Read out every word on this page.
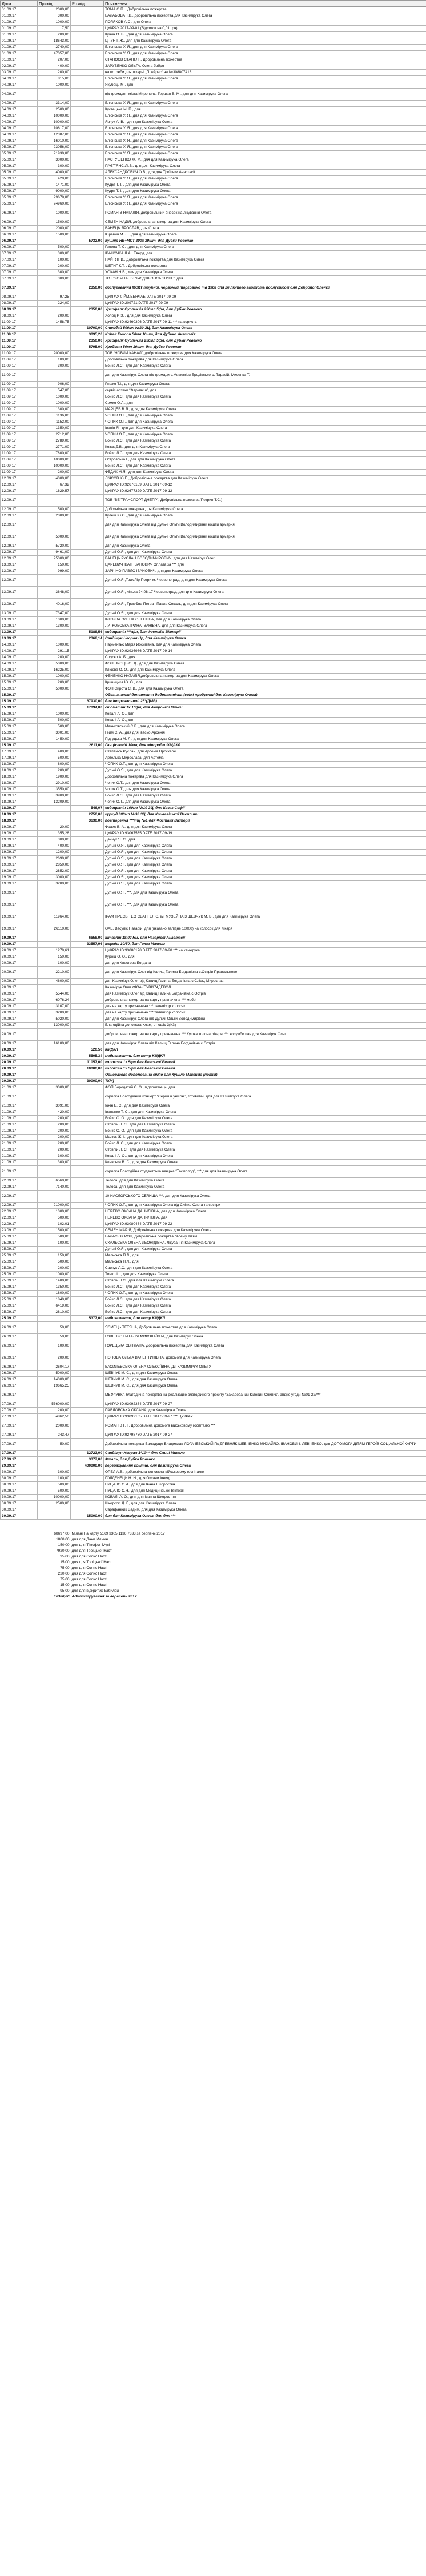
Дата	Прихід	Розхід	Пояснення
01.09.17	2000,00		ТОМА О.П. , Добровільна пожертва
01.09.17	300,00		БАЛАБОВА Т.В., добровільна пожертва для Казимірука Олега
01.09.17	1000,00		ПОЛЯКОВ А.С., для Олега
01.09.17	7,50		ЦУКРАУ 2017-09-01 (Вiдсоток на 0,01 грн)
01.09.17	200,00		Кучин О. В. , для для Казимірука Олега
01.09.17	18643,00		ЦПУН І. Ж., для для Казимірука Олега
01.09.17	2740,00		Бліонська У. Я., для для Казимірука Олега
01.09.17	47057,00		Бліонська У. Я., для для Казимірука Олега
01.09.17	207,00		СТАНОЄВ СТАНІ.ЛГ., Добровільна пожертва
02.09.17	400,00		ЗАРУБЕНКО ОЛЬГА, Олега бобро
03.09.17	200,00		на потреби для лікарні „Плейрис“ на №308807413
04.09.17	815,00		Бліонська У. Я., для для Казимірука Олега
04.09.17	1000,00		Якубець М., для
04.09.17			від громадян міста Мирополь, Гершан В. М., для для Казимірука Олега
04.09.17	3314,00		Бліонська У. Я., для для Казимірука Олега
04.09.17	2500,00		Кустецька М. П., для
04.09.17	10000,00		Бліонська У. Я., для для Казимірука Олега
04.09.17	10000,00		Ярчук А. В. , для для Казимірука Олега
04.09.17	10617,00		Бліонська У. Я., для для Казимірука Олега
04.09.17	12387,00		Бліонська У. Я., для для Казимірука Олега
04.09.17	16010,00		Бліонська У. Я., для для Казимірука Олега
05.09.17	23056,00		Бліонська У. Я., для для Казимірука Олега
05.09.17	21930,00		Бліонська У. Я., для для Казимірука Олега
05.09.17	3000,00		ПАСТУШЕНКО Ж. М., для для Казимірука Олега
05.09.17	300,00		ПАЄТ'ЯНС.ЛІ.В., для для Казимірука Олега
05.09.17	4000,00		АЛЕКСАНДРОВИЧ О.В., для для Троїцьки Анастасії
05.09.17	420,00		Бліонська У. Я., для для Казимірука Олега
05.09.17	1471,00		Кудря Т. І. , для для Казимірука Олега
05.09.17	9000,00		Кудря Т. І. , для для Казимірука Олега
05.09.17	29678,00		Бліонська У. Я., для для Казимірука Олега
05.09.17	24960,00		Бліонська У. Я., для для Казимірука Олега
06.09.17	1000,00		РОМАНІВ НАТАЛІЯ, добровільний внесок на лікування Олега
06.09.17	1500,00		СЕМЕН НАДІЯ, добровільна пожертва для Казимірука Олега
06.09.17	2000,00		ВАНЕЦЬ ЯРОСЛАВ, для Олега
06.09.17	1500,00		Юревич М. Л. , для для Казимірука Олега
06.09.17		5732,00	Кушнір НВ+МСТ 300х 30шт, для Дубки Ровенко
06.09.17	500,00		Голова Т. С. , для для Казимірука Олега
07.09.17	300,00		ІВАНОЧКА Л.А., Еверд, для
07.09.17	100,00		ПАЙТЯГ В., Добровільна пожертва для Казимірука Олега
07.09.17	200,00		ШЕТИГ К.Т. , Добровільна пожертва
07.09.17	300,00		ХОКАН Н.В., для для Казимірука Олега
07.09.17	300,00		ТОТ “КОМПАНІЯ “БРІДЖКОНСАЛТИНГ”, для
07.09.17		2350,00	обслуговання MСКТ трубної, червоний торговано тв 1968 для 26 лютого вартість послуги/сом для Добропої Оленки
08.09.17	97,25		ЦУКРАУ 0-ЙМ/ЕЕНЧАЕ DATE 2017-09-09
08.09.17	224,00		ЦУКРАУ ID:209721 DATE 2017-09-09
08.09.17		2350,00	Урсофалк Суспензія 250мл 5фл, для Дубки Ровенко
08.09.17	200,00		Холод Р. З. , для для Казимірука Олега
11.09.17	1458,75		ЦУКРАУ ID:92460306 DATE 2017-09-11 *** на користь
11.09.17		10700,00	Стейбай 500мл №20 ЗЦ, для Казимірука Олега
11.09.17		3095,20	Kobalt Exkonu 50мл 10шт, для Дубико Анатолія
11.09.17		2350,00	Урсофалк Суспензія 250мл 5фл, для Дубки Ровенко
11.09.17		5795,00	Уробест 50мл 10шт, для Дубки Ровенко
11.09.17	20000,00		ТОВ “НОВИЙ КАНАЛ”, добровільна пожертва для Казимірука Олега
11.09.17	100,00		Добровільна пожертва для Казимірука Олега
11.09.17	300,00		Бойко Л.С., для для Казимірука Олега
11.09.17			для для Казимірук Олега від громади с.Мимеміри Бродівського, Тарасій, Мисенка Т.
11.09.17	906,00		Ряшко Т.І., для для Казимірука Олега
11.09.17	547,00		сервіс аптеки “Фармасія”, для
11.09.17	1000,00		Бойко Л.С., для для Казимірука Олега
11.09.17	1000,00		Семко О.Л., для
11.09.17	1300,00		МАРЦЕВ В.Я., для для Казимірука Олега
11.09.17	1136,00		ЧОПИК О.Т., для для Казимірука Олега
11.09.17	1152,00		ЧОПИК О.Т., для для Казимірука Олега
11.09.17	1350,00		Іванів Я., для для Казимірука Олега
11.09.17	2712,00		ЧОПИК О.Т., для для Казимірука Олега
11.09.17	2789,00		Бойко Л.С., для для Казимірука Олега
11.09.17	2771,00		Козак Д.В., для для Казимірука Олега
11.09.17	7800,00		Бойко Л.С., для для Казимірука Олега
11.09.17	10000,00		Островська І., для для Казимірука Олега
11.09.17	10000,00		Бойко Л.С., для для Казимірука Олега
11.09.17	200,00		ФЕДАК М.Я., для для Казимірука Олега
12.09.17	4000,00		ЛІЧСОВ Ю.П., Добровільна пожертва для Казимірука Олега
12.09.17	67,32		ЦУКРАУ ID:92676159 DATE 2017-09-12
12.09.17	1629,57		ЦУКРАУ ID:92677329 DATE 2017-09-12
12.09.17			ТОВ “ВЕ ТРАНСПОРТ ДНЕПР”, Добровільна пожертва(Петрин Т.С.)
12.09.17	500,00		Добровільна пожертва для Казимірука Олега
12.09.17	2000,00		Кулеш Ю.С., для для Казимірука Олега
12.09.17			для для Казимірука Олега від Дульчі Ольги Володимирівни кошти армарня
12.09.17	5000,00		для для Казимірука Олега від Дульчі Ольги Володимирівни кошти армарня
12.09.17	5720,00		для для Казимірука Олега
12.09.17	9461,00		Дульчі О.Я., для для Казимірука Олега
12.09.17	25000,00		ВАНЕЦЬ РУСЛАН ВОЛОДИМИРОВИЧ, для для Казимірук Олег
13.09.17	150,00		ЦАРЕВИЧ ІВАН ІВАНОВИЧ Оплата за *** для
13.09.17	999,00		ЗАРІЧНО ПАВЛО ІВАНОВИЧ, для для Казимірука Олега
13.09.17			Дульчі О.Я.,ТримЛір Потри м. Червоноград, для для Казимірука Олега
13.09.17	3648,00		Дульчі О.Я., лінька 24.08.17 Червоноград, для для Казимірука Олега
13.09.17	4016,00		Дульчі О.Я., ТримЄва Петра і Павла Сокаль, для для Казимірука Олега
13.09.17	7347,00		Дульчі О.Я., для для Казимірука Олега
13.09.17	1000,00		КЛЮКВА ОЛЕНА ОЛЕГІВНА, для для Казимірука Олега
13.09.17	1300,00		ЛУТКОВСЬКА ІРИНА ІВАНІВНА, для для Казимірука Олега
13.09.17		5188,56	ендоцеклін ***/фл, для Фостаїгі Вікторії
13.09.17		2368,14	Сандімун Неорал Нр, для Казимірука Олега
14.09.17	1000,00		Парментьє Марія Иосипівна, для для Казимірука Олега
14.09.17	291,15		ЦУКРАУ ID:92936986 DATE 2017-09-14
14.09.17	200,00		Сітуско А. Б., для
14.09.17	5000,00		ФОП ПРОЦЬ О. Д., для для Казимірука Олега
14.09.17	16225,00		Клюєва О. О., для для Казимірука Олега
15.09.17	1000,00		ФЕНЕНКО НАТАЛІЯ,добровільна пожертва для Казимірука Олега
15.09.17	200,00		Кривицька Ю. О., для
15.09.17	5000,00		ФОП Сирота С. В., для для Казимірука Олега
15.09.17			Обозначання/ доповнення добротетічна (свіжі продукти/ для Казимірука Олега)
15.09.17		67930,00	для інтранальний 25*(ДМВ)
15.09.17		17094,00	стоматин 1x 10фл, для Аверської Ольги
15.09.17	1000,00		Ковалі А. О., для
15.09.17	500,00		Ковалі А. О., для
15.09.17	500,00		Маньковський С.В., для для Казимірука Олега
15.09.17	3001,00		Гейм С. А., для для Івасьо Арсенія
15.09.17	1450,00		Підгуцька М. Л., для для Казимірука Олега
15.09.17		2611,00	Ганцікловій 10мл, для жінородки/КМДКЛ
17.09.17	400,00		Степанюк Руслан, для Арсенія Проскерні
17.09.17	500,00		Артелька Мирослава, для Артема
18.09.17	800,00		ЧОПИК О.Т., для для Казимірука Олега
18.09.17	200,00		Дульчі О.Я., для для Казимірука Олега
18.09.17	1900,00		Добровільна пожертва для Казимірука Олега
18.09.17	2910,00		Чопик О.Т., для для Казимірука Олега
18.09.17	3550,00		Чопик О.Т., для для Казимірука Олега
18.09.17	3900,00		Бойко Л.С., для для Казимірука Олега
18.09.17	13209,00		Чопик О.Т., для для Казимірука Олега
18.09.17		546,07	ендоцеклін 100мг №10 ЗЦ, для Козак Софії
18.09.17		2750,00	куркуд 300мл №30 ЗЦ, для Кривавіської Василини
18.09.17		3630,00	повторення ***ітц №1 для Фостаїгі Вікторії
19.09.17	20,00		Фраис В. А., для для Казимірука Олега
19.09.17	355,28		ЦУКРАУ ID:93067535 DATE 2017-09-19
19.09.17	300,00		Данчук Я. С., для
19.09.17	400,00		Дульчі О.Я., для для Казимірука Олега
19.09.17	1200,00		Дульчі О.Я., для для Казимірука Олега
19.09.17	2690,00		Дульчі О.Я., для для Казимірука Олега
19.09.17	2850,00		Дульчі О.Я., для для Казимірука Олега
19.09.17	2852,00		Дульчі О.Я., для для Казимірука Олега
19.09.17	3000,00		Дульчі О.Я., для для Казимірука Олега
19.09.17	3200,00		Дульчі О.Я., для для Казимірука Олега
19.09.17			Дульчі О.Я., ***, для для Казимірука Олега
19.09.17			Дульчі О.Я., ***, для для Казимірука Олега
19.09.17	11964,00		ІРАМ ПРЕСВІТЕО ЄВАНГЕЛІЄ, ім. МУЗЕЙНА 3 ШЕВЧУК М. В., для для Казимірука Олега
19.09.17	26110,00		ОАЕ, Васуліс Назарій, для (вказано валідне 10000) на колосок для лікаря
19.09.17		6658,00	Інтаглін 18,02 Нм, для Назарівої Анастасії
19.09.17		33557,96	Ікерміш 10/50, для Гохаз Максим
20.09.17	1279,61		ЦУКРАУ ID:93080178 DATE 2017-09-20 *** на камерука
20.09.17	150,00		Курош О. О., для
20.09.17	100,00		для для Клестова Богдана
20.09.17	2210,00		для для Казимірук Олег від Калищ Галина Богданівна с.Острів Правильнове
20.09.17	4600,00		для Казимірук Олег від Калищ Галина Богданівна с.Сліць, Мирослав
20.09.17			Казимірук Олег ФІОАКЕУВІ174ДЕВОЛ
20.09.17	5544,00		для Казимірук Олег від Калищ Галина Богданівна с.Острів
20.09.17	6076,24		добровільна пожертва на карту призначена *** мебрі
20.09.17	3107,00		для на карту призначена *** телевізор колоськ
20.09.17	3200,00		для на карту призначена *** телевізор колоськ
20.09.17	5020,00		для для Казимірук Олега від Дульчі Ольги Володимирівни
20.09.17	13000,00		Благодійна допомога Клам, от офіс 3(КЗ)
20.09.17			добровільна пожертва на карту призначена *** Кушка колона лікарні *** колумбо пан для Казимірук Олег
20.09.17	16100,00		для для Казимірук Олега від Калищ Галина Богданівна с.Острів
20.09.17		520,50	КМДКЛ
20.09.17		5505,34	медикаменти, для потр КМДКЛ
20.09.17		11057,00	колоксан 1х 5фл для Бевської Евгенії
20.09.17		10000,00	колоксан 1x 5фл для Бевської Евгенії
20.09.17			Одноразова допомога на сім'ю для Кушіло Максима (потім)
20.09.17		30000,00	ТКМ)
21.09.17	3000,00		ФОП Бородатий С. О., підприємець, для
21.09.17			сорилка Благодійний концерт “Серця в унісоні”, готовими, для для Казимірука Олега
21.09.17	3091,00		Іонін Б. С., для для Казимірука Олега
21.09.17	420,00		Іваненко Т. С., для для Казимірука Олега
21.09.17	200,00		Бойко О. О., для для Казимірука Олега
21.09.17	200,00		Стовпій Л. С., для для Казимірука Олега
21.09.17	200,00		Бойко О. О., для для Казимірука Олега
21.09.17	200,00		Малюк Ж. І., для для Казимірука Олега
21.09.17	200,00		Бойко Л. С., для для Казимірука Олега
21.09.17	200,00		Стовпій Л. С., для для Казимірука Олега
21.09.17	300,00		Ковалі А. О., для для Казимірука Олега
21.09.17	300,00		Клевська В. С., для для Казимірука Олега
21.09.17			сорилка Благодійна студентська вечірка “Тасмолод”, *** для для Казимірука Олега
22.09.17	6560,00		Телоса, для для Казимірука Олега
22.09.17	7140,00		Телоса, для для Казимірука Олега
22.09.17			10 НАСЛОРСЬКОГО СЕЛИЩА ***, для для Казимірука Олега
22.09.17	21000,00		ЧОПИК О.Т., для для Казимірука Олега від Сліпко Олега та сестри
22.09.17	1000,00		НЕРЕВС ОКСАНА ДАНИЛІВНА, для для Казимірука Олега
22.09.17	500,00		НЕРЕВС ОКСАНА ДАНИЛІВНА, для
22.09.17	102,01		ЦУКРАУ ID:93080464 DATE 2017-09-22
23.09.17	1500,00		СЕМЕН МАРІЯ, Добровільна пожертва для Казимірука Олега
25.09.17	500,00		БАЛАСЮК РОП, Добровільна пожертва своєму дітям
25.09.17	100,00		СКАЛЬСЬКА ОЛЕНА ЛЕОНІДІВНА, Лікування Казимірука Олега
25.09.17			Дульчі О.Я., для для Казимірука Олега
25.09.17	150,00		Мальська П.Л., для
25.09.17	500,00		Мальська П.Л., для
25.09.17	200,00		Савчук Л.С., для для Казимірука Олега
25.09.17	1000,00		Тимко І.І., для для Казимірука Олега
25.09.17	1400,00		Стовпій Л.С., для для Казимірука Олега
25.09.17	1350,00		Бойко Л.С., для для Казимірука Олега
25.09.17	1800,00		ЧОПИК О.Т., для для Казимірука Олега
25.09.17	1840,00		Бойко Л.С., для для Казимірука Олега
25.09.17	6419,00		Бойко Л.С., для для Казимірука Олега
25.09.17	2810,00		Бойко Л.С., для для Казимірука Олега
25.09.17		5377,00	медикаменти, для потр КМДКЛ
26.09.17	50,00		ЯЄМЕЦЬ ТЕТЯНА, Добровільна пожертва для Казимірука Олега
26.09.17	50,00		ГОВЕНКО НАТАЛІЯ МИКОЛАЇВНА, для Казимірук Олена
26.09.17	100,00		ГОРЕЦЬКА СВІТЛАНА, Добровільна пожертва для Казимірука Олега
26.09.17	200,00		ПОПОВА ОЛЬГА ВАЛЕНТИНІВНА, допомога для Казимірука Олега
26.09.17	2604,17		ВАСИЛЕВСЬКА ОЛЕНА ОЛЕКСІЇВНА, ДЛ КАЗИМІРУК ОЛЕГУ
26.09.17	5000,00		ШЕВЧУК М. С., для для Казимірука Олега
26.09.17	14000,00		ШЕВЧУК М. С., для для Казимірука Олега
26.09.17	19665,25		ШЕВЧУК М. С., для для Казимірука Олега
26.09.17			МБФ “УВК”, благодійна пожертва на реалізацію благодійного проєкту “Захарований Кіловин Слипик”, згідно угоди №01-22/***
27.09.17	536000,00		ЦУКРАУ ID:93092364 DATE 2017-09-27
27.09.17	200,00		ПАВЛОВСЬКА ОКСАНА, для Казимірука Олега
27.09.17	4862,50		ЦУКРАУ ID:93092165 DATE 2017-09-27 *** ЦУКРАУ
27.09.17	2000,00		РОМАНІВ Г. І., Добровільна допомога військовому госпіталю ***
27.09.17	243,47		ЦУКРАУ ID:92798730 DATE 2017-09-27
27.09.17	50,00		Добровільна пожертва Баладуще Владислав ЛОГАЧЕВСЬКИЙ Пк ДРЕВНЯК ШЕВЧЕНКО МИХАЙЛО, ІВАНОВИЧ, ЛЕВЧЕНКО, для ДОПОМОГА ДІТЯМ ГЕРОЇВ СОЦІАЛЬНОЇ КАРТИ
27.09.17		12723,00	Сандімун Неорал 1*10*** для Слиці Миколи
27.09.17		3377,00	Фталь, для Дубка Ровенко
29.09.17		400000,00	перерахування коштів, для Казимірука Олега
30.09.17	300,00		ОРЕЛ А.В., добровільна допомога військовому госпіталю
30.09.17	100,00		ГОЛДЕНЕЦЬ Н. Н., для Оксани Івниці
30.09.17	500,00		ПУЦАЛО С.Я., для для Івана Шкоростян
30.09.17	500,00		ПУЦАЛО С.Я., для для Медицинської Вікторії
30.09.17	10000,00		КОВАЛІ А. О., для для Іванна Шкоростян
30.09.17	2500,00		Шкорсокі Д. Г., для для Казимірука Олега
30.09.17			Сарафанник Вадим, для для Казимірука Олега
30.09.17		15000,00	для для Казимірука Олега, для для ***

	68697,00	Мілані На карту 5169 3305 1136 7333 за серпень 2017	
	1800,00	для для Дани Мамон	
	150,00	для для Тімофєя Мусі	
	7920,00	для для Троїцької Насті	
	95,00	для для Солнс Насті	
	15,00	для для Троїцької Насті	
	75,00	для для Солнс Насті	
	220,00	для для Солнс Насті	
	75,00	для для Солнс Насті	
	15,00	для для Солнс Насті	
	95,00	для для відкритих Бабилей	
	16380,00	Адміністрування за вересень 2017	
